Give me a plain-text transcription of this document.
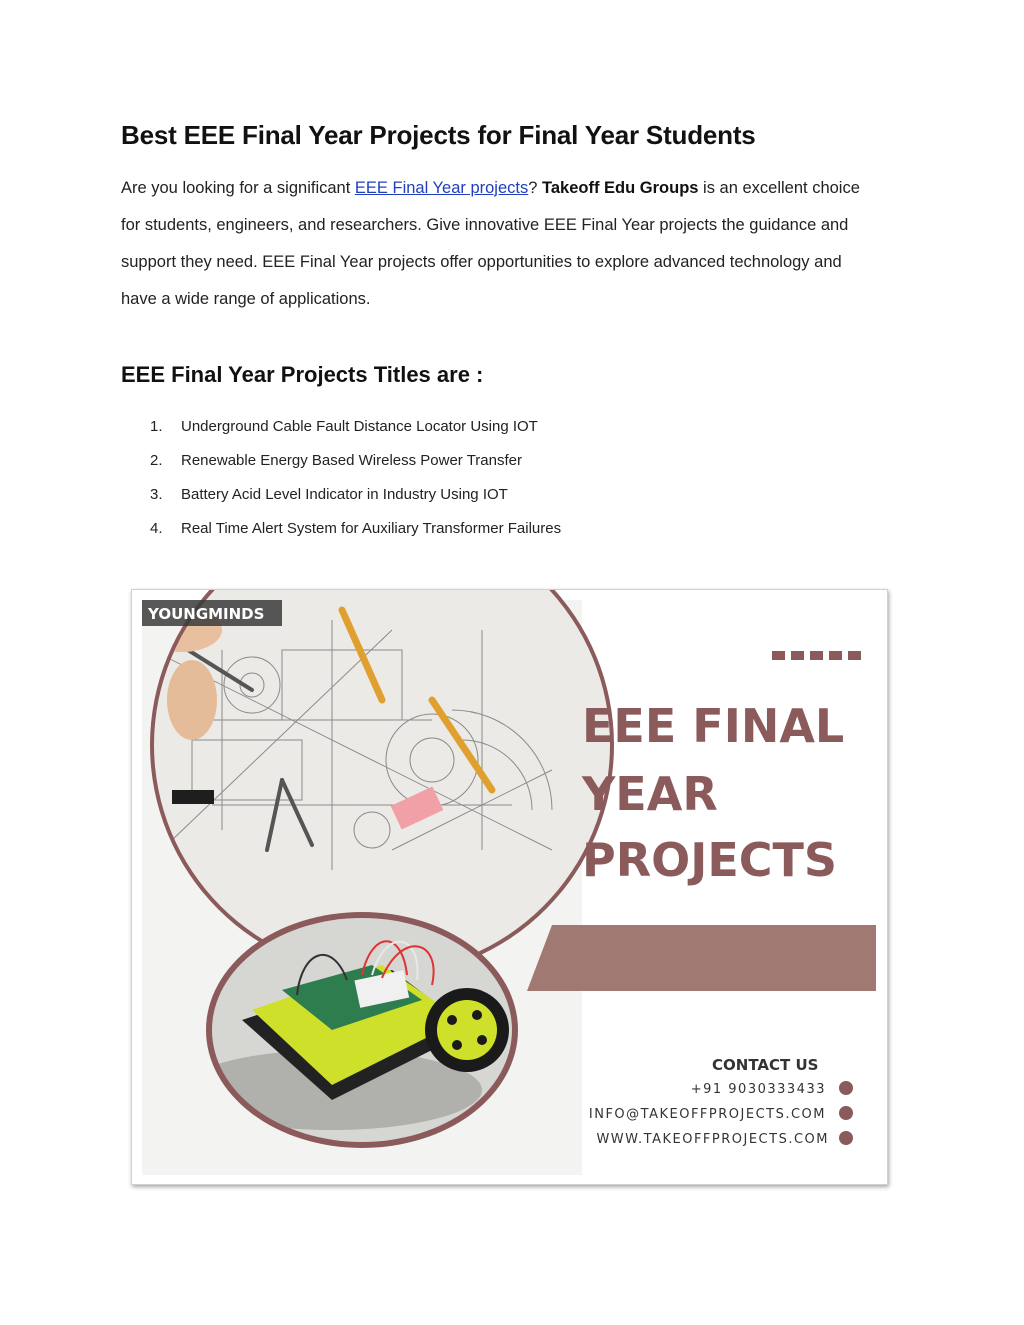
Best EEE Final Year Projects for Final Year Students

Are you looking for a significant EEE Final Year projects? Takeoff Edu Groups is an excellent choice for students, engineers, and researchers. Give innovative EEE Final Year projects the guidance and support they need. EEE Final Year projects offer opportunities to explore advanced technology and have a wide range of applications.

EEE Final Year Projects Titles are :
1.	Underground Cable Fault Distance Locator Using IOT
2.	Renewable Energy Based Wireless Power Transfer
3.	Battery Acid Level Indicator in Industry Using IOT
4.	Real Time Alert System for Auxiliary Transformer Failures
YOUNGMINDS
EEE FINAL
YEAR
PROJECTS
CONTACT US
+91 9030333433
INFO@TAKEOFFPROJECTS.COM
WWW.TAKEOFFPROJECTS.COM
